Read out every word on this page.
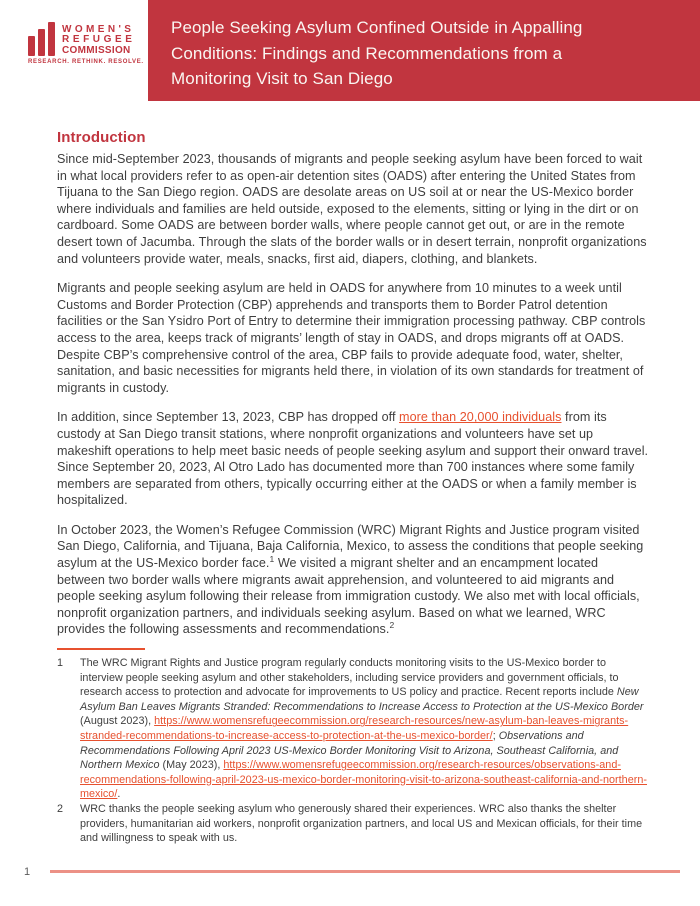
People Seeking Asylum Confined Outside in Appalling
Conditions: Findings and Recommendations from a
Monitoring Visit to San Diego
WOMEN'S
REFUGEE
COMMISSION
RESEARCH. RETHINK. RESOLVE.
Introduction

Since mid-September 2023, thousands of migrants and people seeking asylum have been forced to wait in what local providers refer to as open-air detention sites (OADS) after entering the United States from Tijuana to the San Diego region. OADS are desolate areas on US soil at or near the US-Mexico border where individuals and families are held outside, exposed to the elements, sitting or lying in the dirt or on cardboard. Some OADS are between border walls, where people cannot get out, or are in the remote desert town of Jacumba. Through the slats of the border walls or in desert terrain, nonprofit organizations and volunteers provide water, meals, snacks, first aid, diapers, clothing, and blankets.

Migrants and people seeking asylum are held in OADS for anywhere from 10 minutes to a week until Customs and Border Protection (CBP) apprehends and transports them to Border Patrol detention facilities or the San Ysidro Port of Entry to determine their immigration processing pathway. CBP controls access to the area, keeps track of migrants’ length of stay in OADS, and drops migrants off at OADS. Despite CBP’s comprehensive control of the area, CBP fails to provide adequate food, water, shelter, sanitation, and basic necessities for migrants held there, in violation of its own standards for treatment of migrants in custody.

In addition, since September 13, 2023, CBP has dropped off more than 20,000 individuals from its custody at San Diego transit stations, where nonprofit organizations and volunteers have set up makeshift operations to help meet basic needs of people seeking asylum and support their onward travel. Since September 20, 2023, Al Otro Lado has documented more than 700 instances where some family members are separated from others, typically occurring either at the OADS or when a family member is hospitalized.

In October 2023, the Women’s Refugee Commission (WRC) Migrant Rights and Justice program visited San Diego, California, and Tijuana, Baja California, Mexico, to assess the conditions that people seeking asylum at the US-Mexico border face.$^1$ We visited a migrant shelter and an encampment located between two border walls where migrants await apprehension, and volunteered to aid migrants and people seeking asylum following their release from immigration custody. We also met with local officials, nonprofit organization partners, and individuals seeking asylum. Based on what we learned, WRC provides the following assessments and recommendations.$^2$

1	The WRC Migrant Rights and Justice program regularly conducts monitoring visits to the US-Mexico border to interview people seeking asylum and other stakeholders, including service providers and government officials, to research access to protection and advocate for improvements to US policy and practice. Recent reports include New Asylum Ban Leaves Migrants Stranded: Recommendations to Increase Access to Protection at the US-Mexico Border (August 2023), https://www.womensrefugeecommission.org/research-resources/new-asylum-ban-leaves-migrants-stranded-recommendations-to-increase-access-to-protection-at-the-us-mexico-border/; Observations and Recommendations Following April 2023 US-Mexico Border Monitoring Visit to Arizona, Southeast California, and Northern Mexico (May 2023), https://www.womensrefugeecommission.org/research-resources/observations-and-recommendations-following-april-2023-us-mexico-border-monitoring-visit-to-arizona-southeast-california-and-northern-mexico/.
2	WRC thanks the people seeking asylum who generously shared their experiences. WRC also thanks the shelter providers, humanitarian aid workers, nonprofit organization partners, and local US and Mexican officials, for their time and willingness to speak with us.
1
